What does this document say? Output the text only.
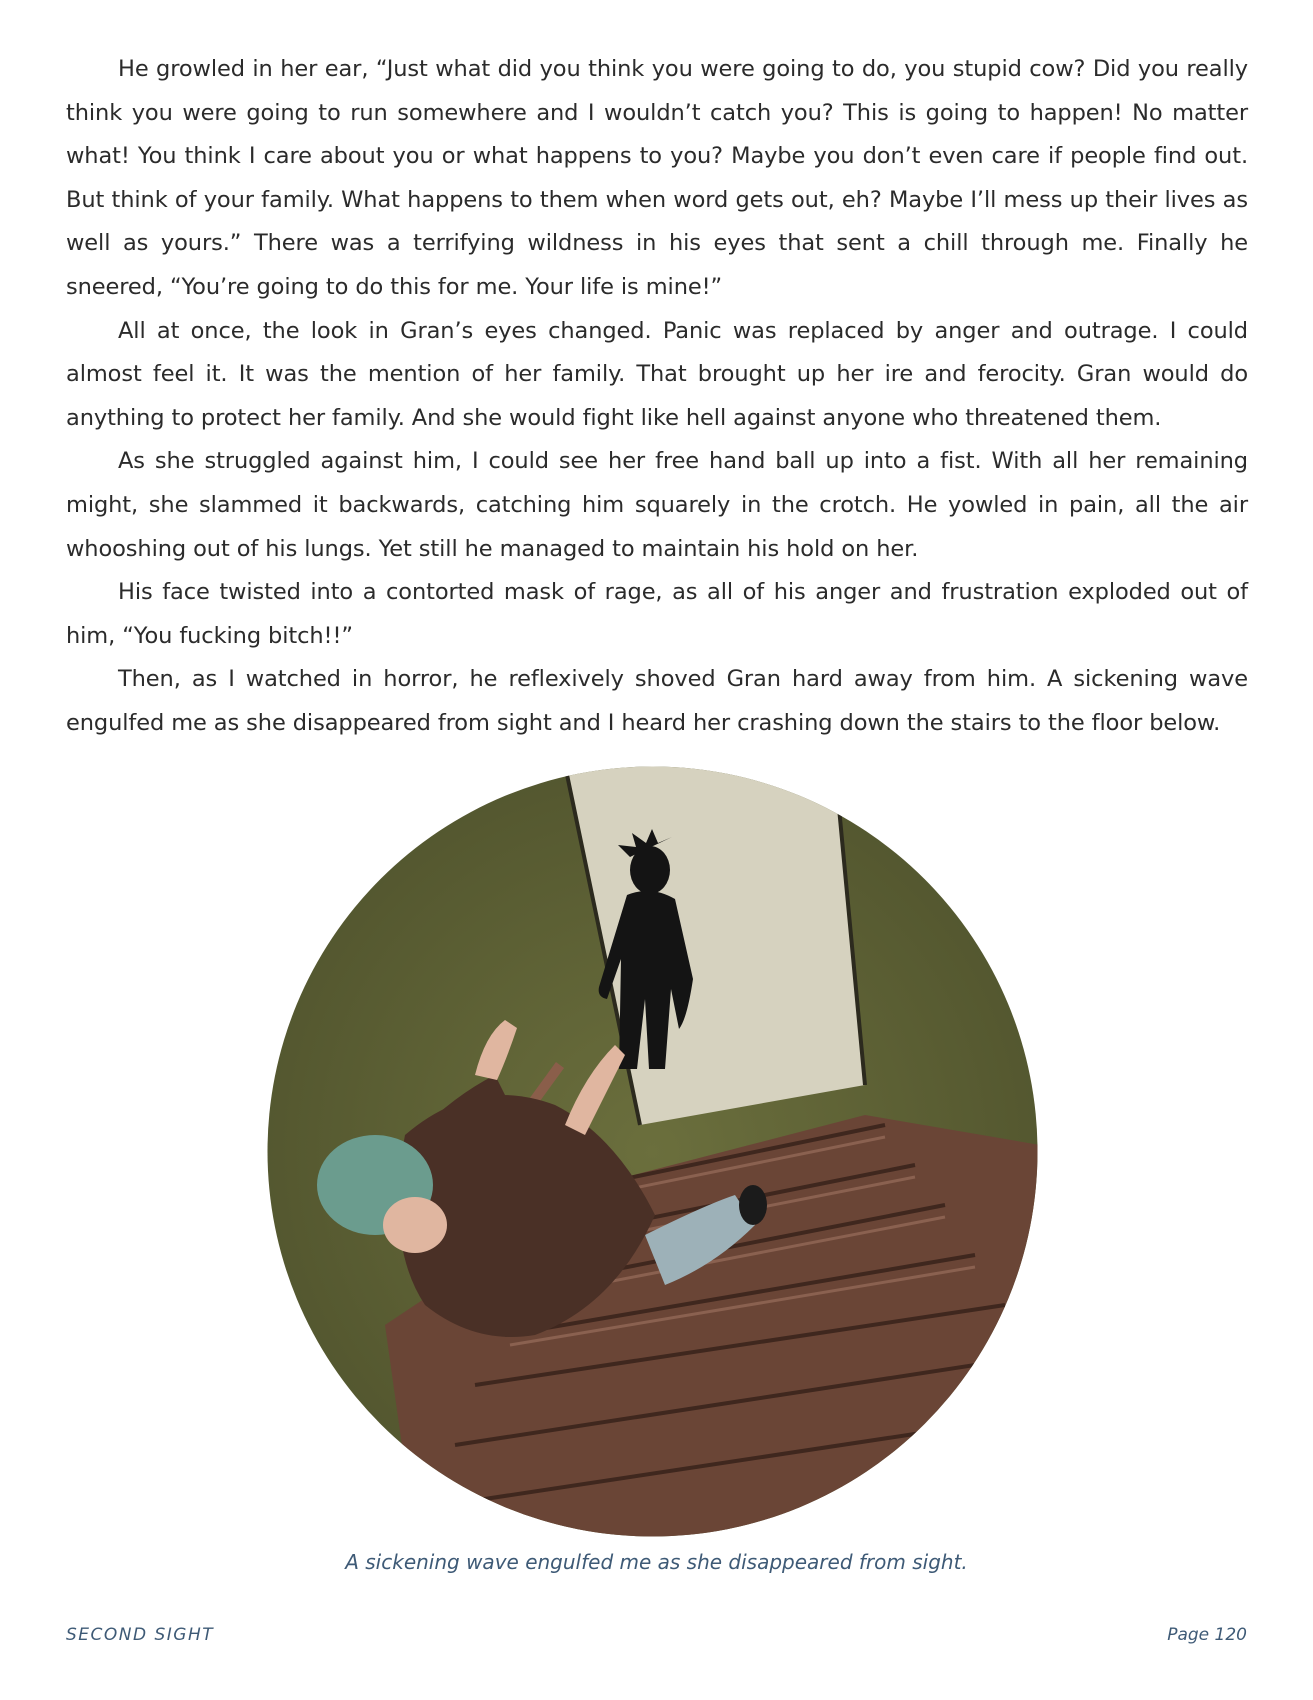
He growled in her ear, “Just what did you think you were going to do, you stupid cow? Did you really think you were going to run somewhere and I wouldn’t catch you? This is going to happen! No matter what! You think I care about you or what happens to you? Maybe you don’t even care if people find out. But think of your family. What happens to them when word gets out, eh? Maybe I’ll mess up their lives as well as yours.” There was a terrifying wildness in his eyes that sent a chill through me. Finally he sneered, “You’re going to do this for me. Your life is mine!”

All at once, the look in Gran’s eyes changed. Panic was replaced by anger and outrage. I could almost feel it. It was the mention of her family. That brought up her ire and ferocity. Gran would do anything to protect her family. And she would fight like hell against anyone who threatened them.

As she struggled against him, I could see her free hand ball up into a fist. With all her remaining might, she slammed it backwards, catching him squarely in the crotch. He yowled in pain, all the air whooshing out of his lungs. Yet still he managed to maintain his hold on her.

His face twisted into a contorted mask of rage, as all of his anger and frustration exploded out of him, “You fucking bitch!!”

Then, as I watched in horror, he reflexively shoved Gran hard away from him. A sickening wave engulfed me as she disappeared from sight and I heard her crashing down the stairs to the floor below.

A sickening wave engulfed me as she disappeared from sight.
SECOND SIGHT	Page 120
